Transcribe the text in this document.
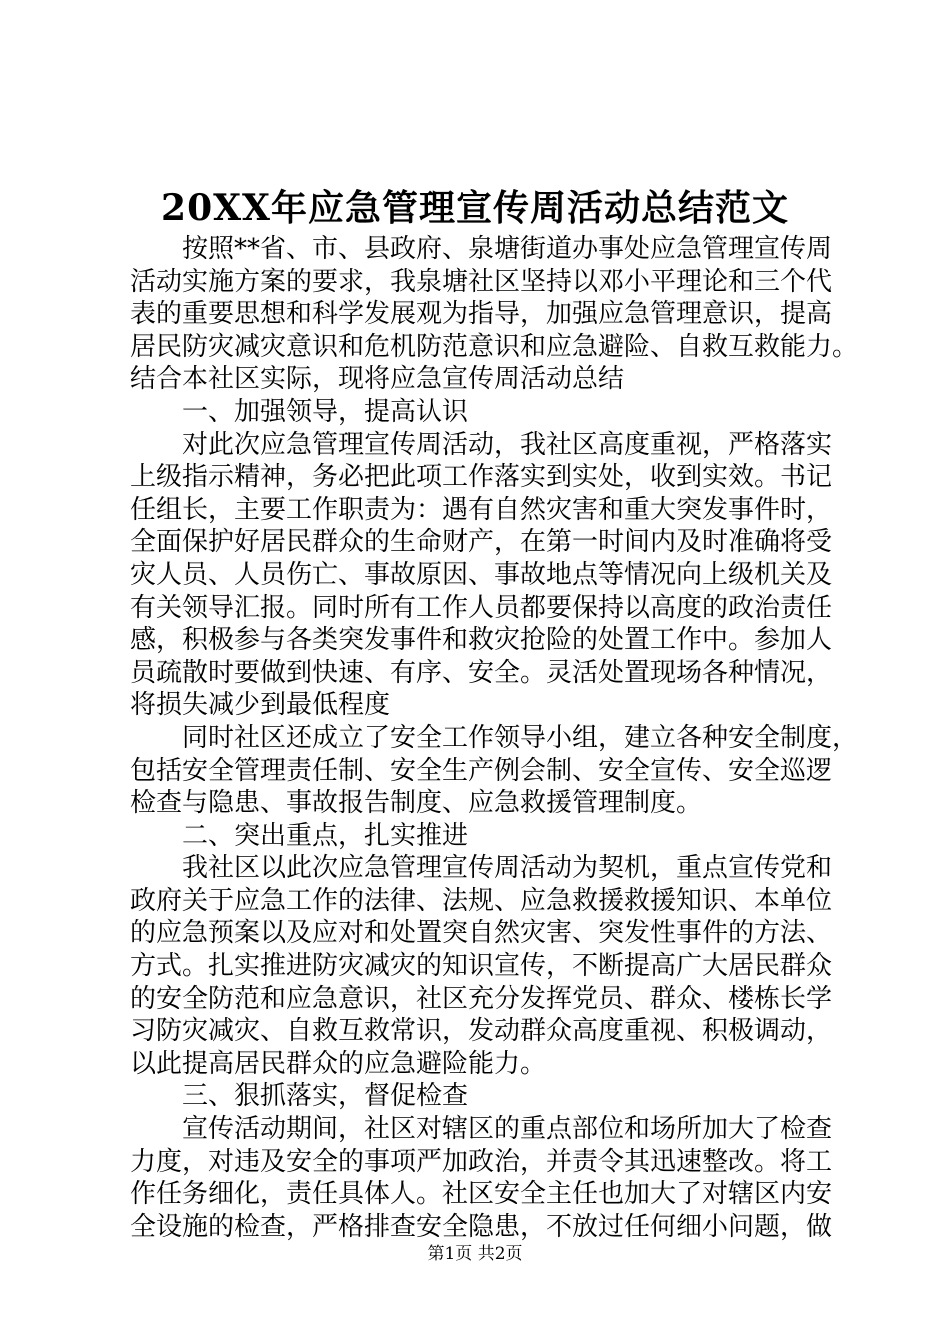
20XX年应急管理宣传周活动总结范文
按照**省、市、县政府、泉塘街道办事处应急管理宣传周
活动实施方案的要求，我泉塘社区坚持以邓小平理论和三个代
表的重要思想和科学发展观为指导，加强应急管理意识，提高
居民防灾减灾意识和危机防范意识和应急避险、自救互救能力。
结合本社区实际，现将应急宣传周活动总结
一、加强领导，提高认识
对此次应急管理宣传周活动，我社区高度重视，严格落实
上级指示精神，务必把此项工作落实到实处，收到实效。书记
任组长，主要工作职责为：遇有自然灾害和重大突发事件时，
全面保护好居民群众的生命财产，在第一时间内及时准确将受
灾人员、人员伤亡、事故原因、事故地点等情况向上级机关及
有关领导汇报。同时所有工作人员都要保持以高度的政治责任
感，积极参与各类突发事件和救灾抢险的处置工作中。参加人
员疏散时要做到快速、有序、安全。灵活处置现场各种情况，
将损失减少到最低程度
同时社区还成立了安全工作领导小组，建立各种安全制度，
包括安全管理责任制、安全生产例会制、安全宣传、安全巡逻
检查与隐患、事故报告制度、应急救援管理制度。
二、突出重点，扎实推进
我社区以此次应急管理宣传周活动为契机，重点宣传党和
政府关于应急工作的法律、法规、应急救援救援知识、本单位
的应急预案以及应对和处置突自然灾害、突发性事件的方法、
方式。扎实推进防灾减灾的知识宣传，不断提高广大居民群众
的安全防范和应急意识，社区充分发挥党员、群众、楼栋长学
习防灾减灾、自救互救常识，发动群众高度重视、积极调动，
以此提高居民群众的应急避险能力。
三、狠抓落实，督促检查
宣传活动期间，社区对辖区的重点部位和场所加大了检查
力度，对违及安全的事项严加政治，并责令其迅速整改。将工
作任务细化，责任具体人。社区安全主任也加大了对辖区内安
全设施的检查，严格排查安全隐患，不放过任何细小问题，做
第1页 共2页
